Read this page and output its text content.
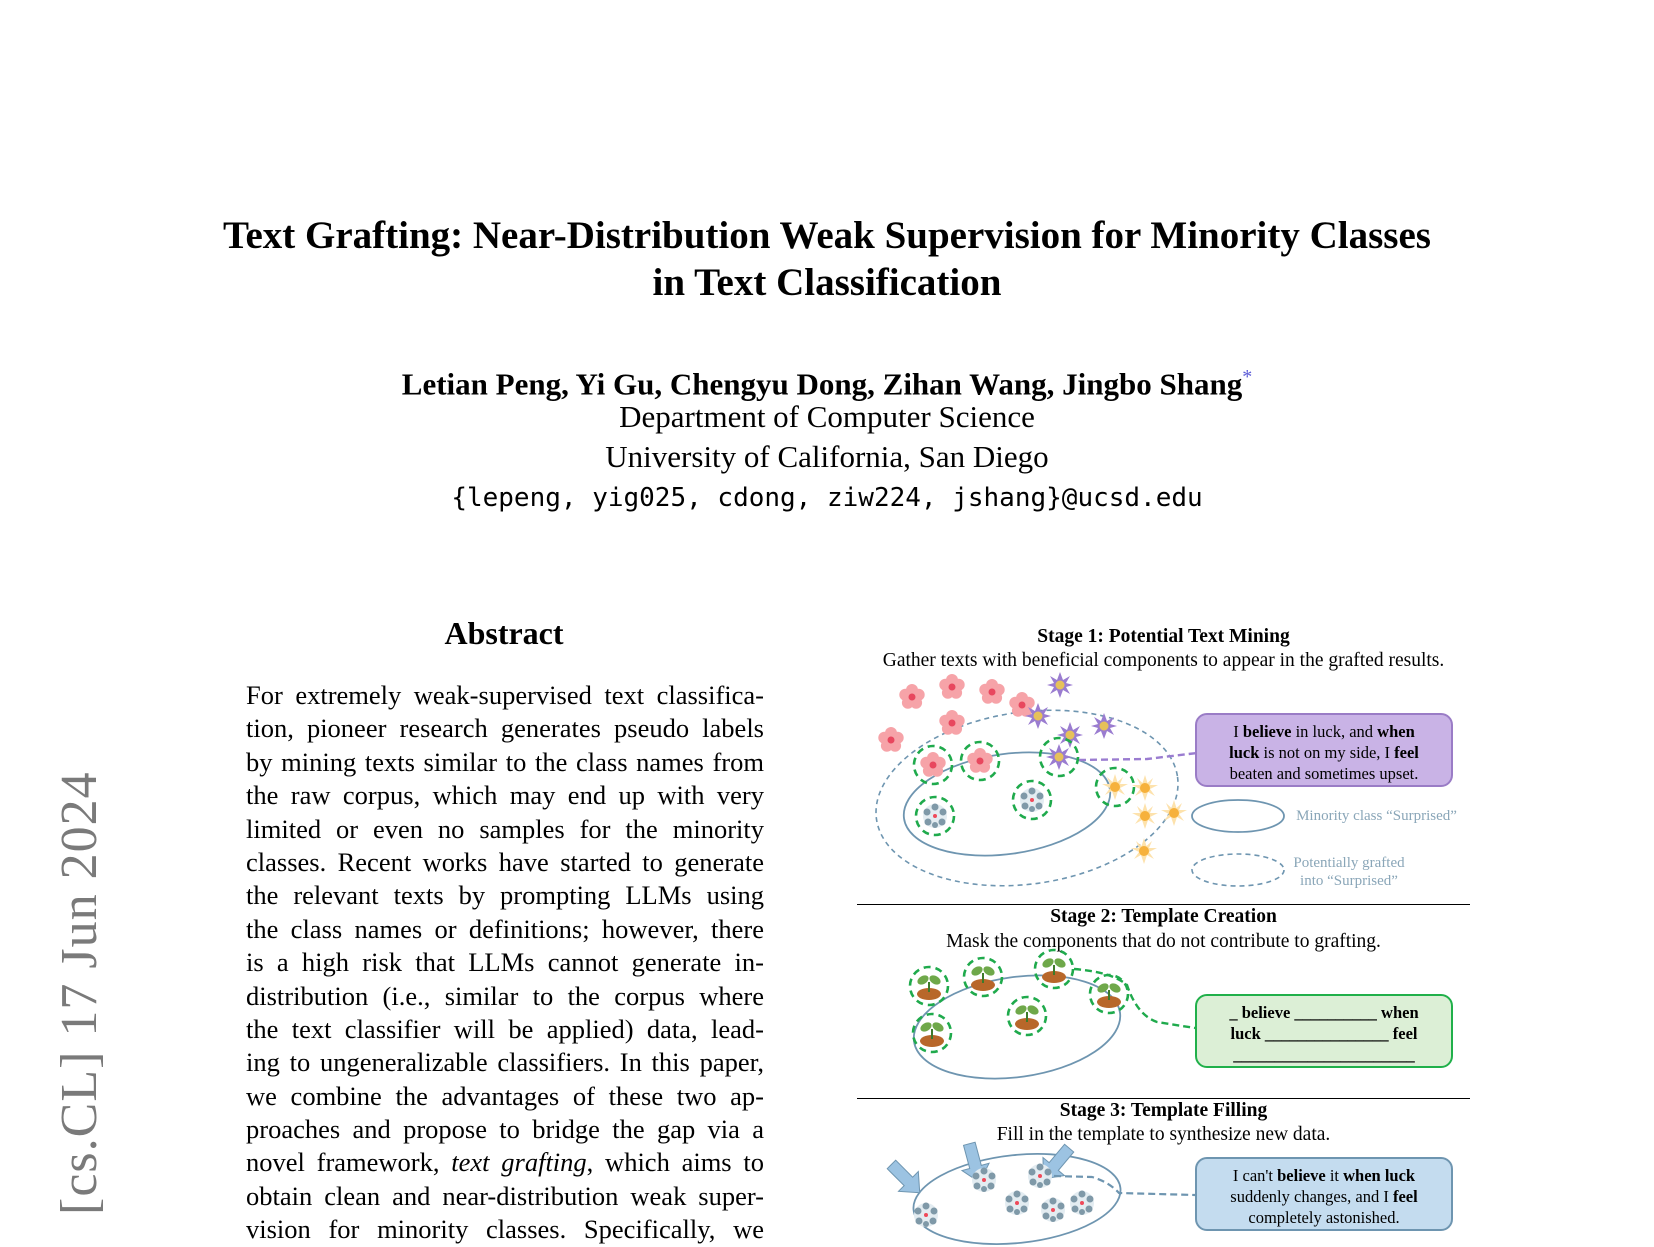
Text Grafting: Near-Distribution Weak Supervision for Minority Classes
in Text Classification
Letian Peng, Yi Gu, Chengyu Dong, Zihan Wang, Jingbo Shang*
Department of Computer Science
University of California, San Diego
{lepeng, yig025, cdong, ziw224, jshang}@ucsd.edu
[cs.CL] 17 Jun 2024
Abstract
For extremely weak-supervised text classifica-
tion, pioneer research generates pseudo labels
by mining texts similar to the class names from
the raw corpus, which may end up with very
limited or even no samples for the minority
classes. Recent works have started to generate
the relevant texts by prompting LLMs using
the class names or definitions; however, there
is a high risk that LLMs cannot generate in-
distribution (i.e., similar to the corpus where
the text classifier will be applied) data, lead-
ing to ungeneralizable classifiers. In this paper,
we combine the advantages of these two ap-
proaches and propose to bridge the gap via a
novel framework, text grafting, which aims to
obtain clean and near-distribution weak super-
vision for minority classes. Specifically, we
Stage 1: Potential Text Mining
Gather texts with beneficial components to appear in the grafted results.
I believe in luck, and when
luck is not on my side, I feel
beaten and sometimes upset.
Minority class “Surprised”
Potentially grafted
into “Surprised”
Stage 2: Template Creation
Mask the components that do not contribute to grafting.
_ believe __________ when
luck _______________ feel
______________________
Stage 3: Template Filling
Fill in the template to synthesize new data.
I can't believe it when luck
suddenly changes, and I feel
completely astonished.
